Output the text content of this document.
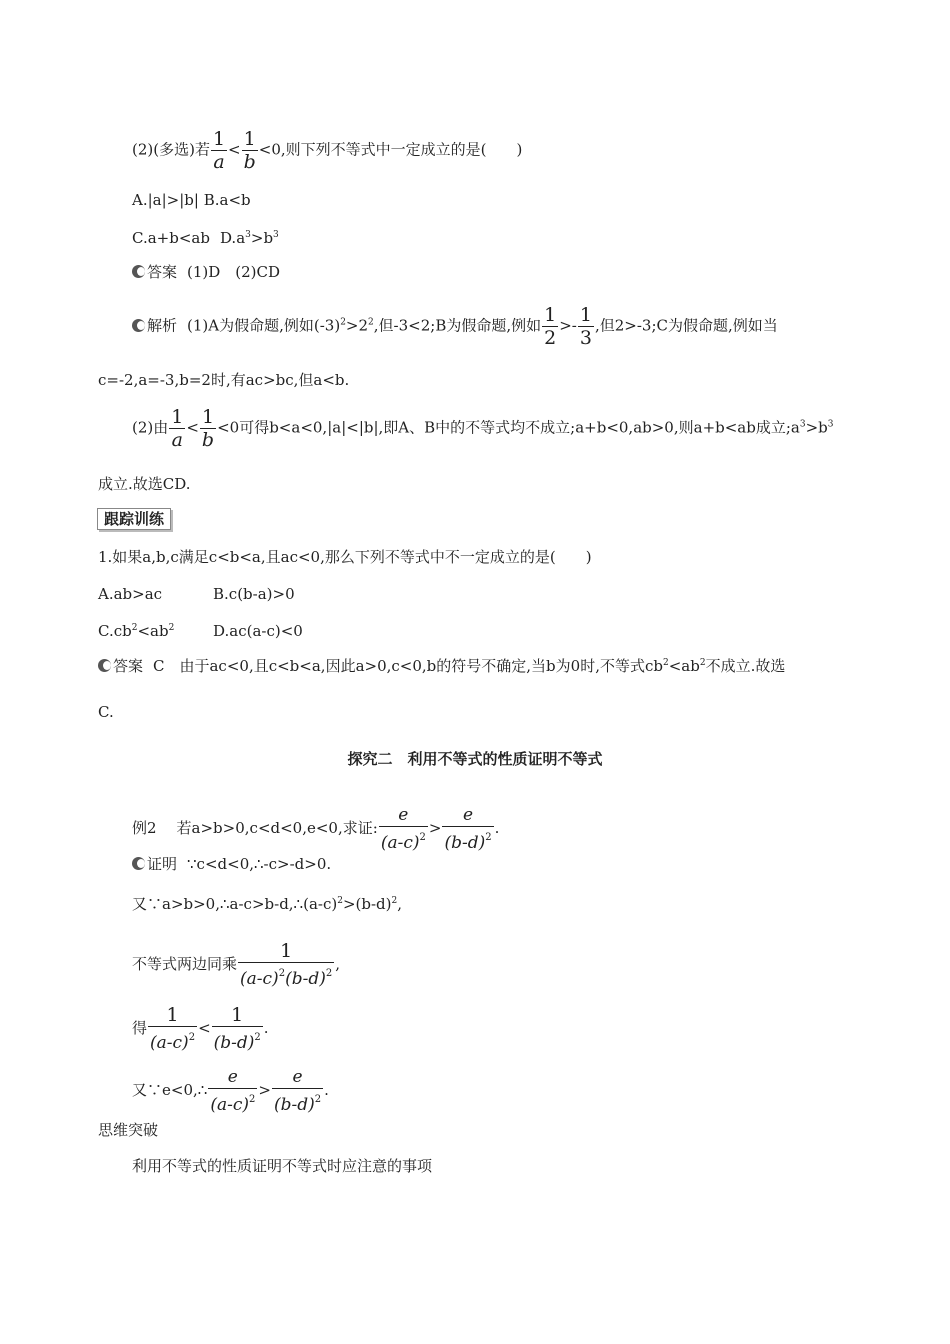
(2)(多选)若 $\frac{1}{a} < \frac{1}{b} <0$,则下列不等式中一定成立的是(　　)
A.|a|>|b| B.a<b
C.a+b<ab $D.a^3>b^3$
答案 (1)D　(2)CD
解析 (1)A为假命题,例如$(-3)^2>2^2$,但-3<2;B为假命题,例如 $\frac{1}{2} >- \frac{1}{3}$ ,但2>-3;C为假命题,例如当
c=-2,a=-3,b=2时,有ac>bc,但a<b.
(2)由 $\frac{1}{a} < \frac{1}{b} <0$可得b<a<0,|a|<|b|,即A、B中的不等式均不成立;a+b<0,ab>0,则a+b<ab成立$;a^3>b^3$
成立.故选CD.
跟踪训练
1.如果a,b,c满足c<b<a,且ac<0,那么下列不等式中不一定成立的是(　　)
A.ab>ac	B.c(b-a)>0
$C.cb^2<ab^2$	D.ac(a-c)<0
答案 C　由于ac<0,且c<b<a,因此a>0,c<0,b的符号不确定,当b为0时,不等式$cb^2<ab^2$不成立.故选
C.
探究二　利用不等式的性质证明不等式
例2 若a>b>0,c<d<0,e<0,求证: $\frac{e}{(a-c)^2} > \frac{e}{(b-d)^2}$ .
证明 ∵c<d<0,∴-c>-d>0.
又$\because a>b>0,\therefore a-c>b-d,\therefore(a-c)^2>(b-d)^2$,
不等式两边同乘 $\frac{1}{(a-c)^2(b-d)^2}$ ,
得 $\frac{1}{(a-c)^2} < \frac{1}{(b-d)^2}$ .
又∵e<0,∴ $\frac{e}{(a-c)^2} > \frac{e}{(b-d)^2}$ .
思维突破
利用不等式的性质证明不等式时应注意的事项
